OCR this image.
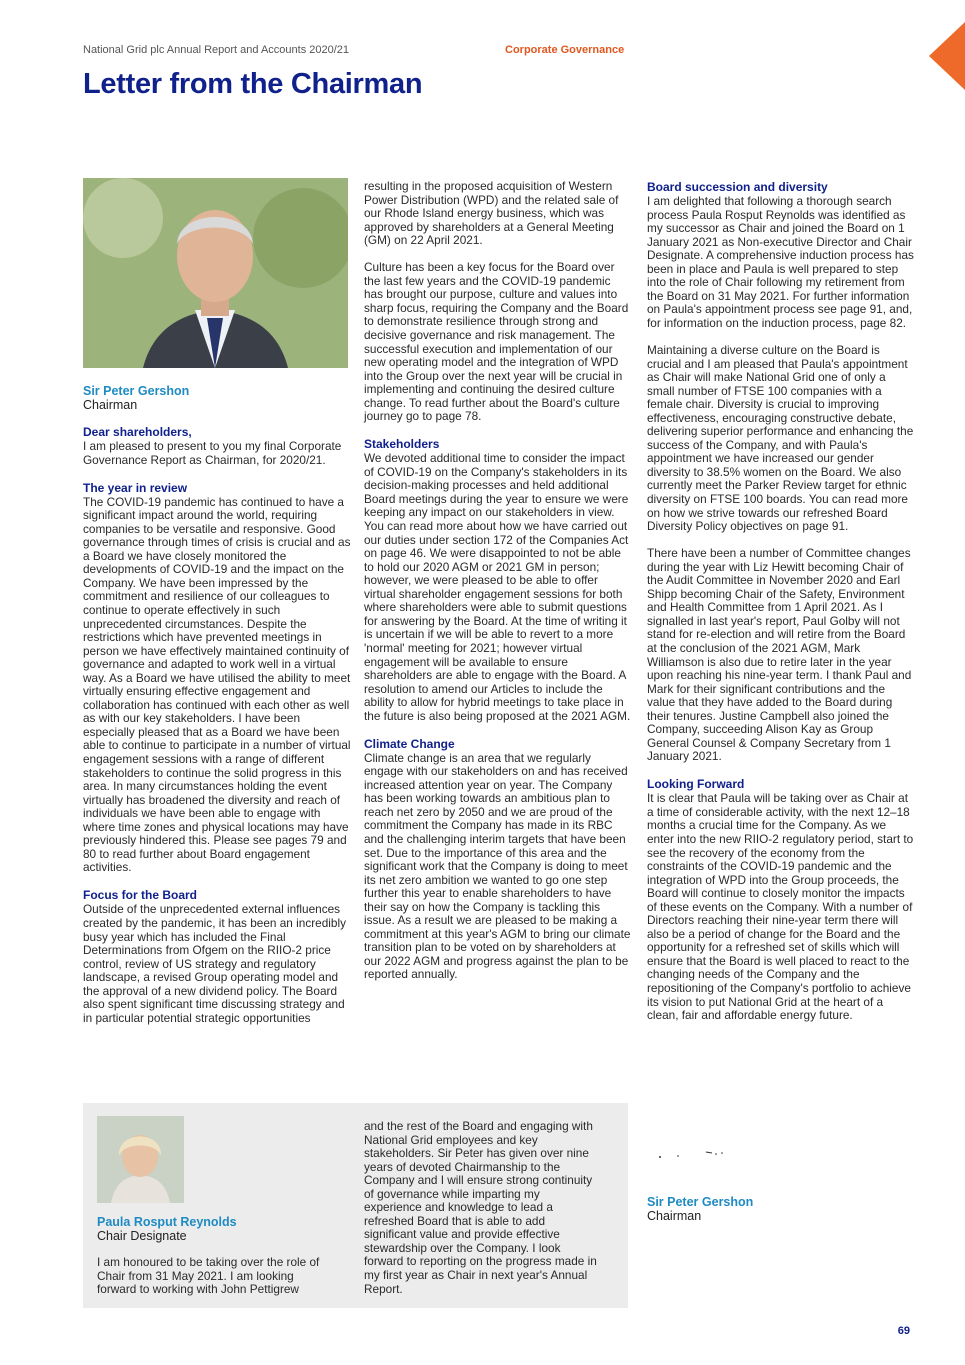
National Grid plc Annual Report and Accounts 2020/21	Corporate Governance
Letter from the Chairman
Sir Peter Gershon
Chairman
Dear shareholders,

I am pleased to present to you my final Corporate Governance Report as Chairman, for 2020/21.

The year in review

The COVID-19 pandemic has continued to have a significant impact around the world, requiring companies to be versatile and responsive. Good governance through times of crisis is crucial and as a Board we have closely monitored the developments of COVID-19 and the impact on the Company. We have been impressed by the commitment and resilience of our colleagues to continue to operate effectively in such unprecedented circumstances. Despite the restrictions which have prevented meetings in person we have effectively maintained continuity of governance and adapted to work well in a virtual way. As a Board we have utilised the ability to meet virtually ensuring effective engagement and collaboration has continued with each other as well as with our key stakeholders. I have been especially pleased that as a Board we have been able to continue to participate in a number of virtual engagement sessions with a range of different stakeholders to continue the solid progress in this area. In many circumstances holding the event virtually has broadened the diversity and reach of individuals we have been able to engage with where time zones and physical locations may have previously hindered this. Please see pages 79 and 80 to read further about Board engagement activities.

Focus for the Board

Outside of the unprecedented external influences created by the pandemic, it has been an incredibly busy year which has included the Final Determinations from Ofgem on the RIIO-2 price control, review of US strategy and regulatory landscape, a revised Group operating model and the approval of a new dividend policy. The Board also spent significant time discussing strategy and in particular potential strategic opportunities

resulting in the proposed acquisition of Western Power Distribution (WPD) and the related sale of our Rhode Island energy business, which was approved by shareholders at a General Meeting (GM) on 22 April 2021.

Culture has been a key focus for the Board over the last few years and the COVID-19 pandemic has brought our purpose, culture and values into sharp focus, requiring the Company and the Board to demonstrate resilience through strong and decisive governance and risk management. The successful execution and implementation of our new operating model and the integration of WPD into the Group over the next year will be crucial in implementing and continuing the desired culture change. To read further about the Board's culture journey go to page 78.

Stakeholders

We devoted additional time to consider the impact of COVID-19 on the Company's stakeholders in its decision-making processes and held additional Board meetings during the year to ensure we were keeping any impact on our stakeholders in view. You can read more about how we have carried out our duties under section 172 of the Companies Act on page 46. We were disappointed to not be able to hold our 2020 AGM or 2021 GM in person; however, we were pleased to be able to offer virtual shareholder engagement sessions for both where shareholders were able to submit questions for answering by the Board. At the time of writing it is uncertain if we will be able to revert to a more 'normal' meeting for 2021; however virtual engagement will be available to ensure shareholders are able to engage with the Board. A resolution to amend our Articles to include the ability to allow for hybrid meetings to take place in the future is also being proposed at the 2021 AGM.

Climate Change

Climate change is an area that we regularly engage with our stakeholders on and has received increased attention year on year. The Company has been working towards an ambitious plan to reach net zero by 2050 and we are proud of the commitment the Company has made in its RBC and the challenging interim targets that have been set. Due to the importance of this area and the significant work that the Company is doing to meet its net zero ambition we wanted to go one step further this year to enable shareholders to have their say on how the Company is tackling this issue. As a result we are pleased to be making a commitment at this year's AGM to bring our climate transition plan to be voted on by shareholders at our 2022 AGM and progress against the plan to be reported annually.

Board succession and diversity

I am delighted that following a thorough search process Paula Rosput Reynolds was identified as my successor as Chair and joined the Board on 1 January 2021 as Non-executive Director and Chair Designate. A comprehensive induction process has been in place and Paula is well prepared to step into the role of Chair following my retirement from the Board on 31 May 2021. For further information on Paula's appointment process see page 91, and, for information on the induction process, page 82.

Maintaining a diverse culture on the Board is crucial and I am pleased that Paula's appointment as Chair will make National Grid one of only a small number of FTSE 100 companies with a female chair. Diversity is crucial to improving effectiveness, encouraging constructive debate, delivering superior performance and enhancing the success of the Company, and with Paula's appointment we have increased our gender diversity to 38.5% women on the Board. We also currently meet the Parker Review target for ethnic diversity on FTSE 100 boards. You can read more on how we strive towards our refreshed Board Diversity Policy objectives on page 91.

There have been a number of Committee changes during the year with Liz Hewitt becoming Chair of the Audit Committee in November 2020 and Earl Shipp becoming Chair of the Safety, Environment and Health Committee from 1 April 2021. As I signalled in last year's report, Paul Golby will not stand for re-election and will retire from the Board at the conclusion of the 2021 AGM, Mark Williamson is also due to retire later in the year upon reaching his nine-year term. I thank Paul and Mark for their significant contributions and the value that they have added to the Board during their tenures. Justine Campbell also joined the Company, succeeding Alison Kay as Group General Counsel & Company Secretary from 1 January 2021.

Looking Forward

It is clear that Paula will be taking over as Chair at a time of considerable activity, with the next 12–18 months a crucial time for the Company. As we enter into the new RIIO-2 regulatory period, start to see the recovery of the economy from the constraints of the COVID-19 pandemic and the integration of WPD into the Group proceeds, the Board will continue to closely monitor the impacts of these events on the Company. With a number of Directors reaching their nine-year term there will also be a period of change for the Board and the opportunity for a refreshed set of skills which will ensure that the Board is well placed to react to the changing needs of the Company and the repositioning of the Company's portfolio to achieve its vision to put National Grid at the heart of a clean, fair and affordable energy future.

Paula Rosput Reynolds
Chair Designate
I am honoured to be taking over the role of Chair from 31 May 2021. I am looking forward to working with John Pettigrew
and the rest of the Board and engaging with National Grid employees and key stakeholders. Sir Peter has given over nine years of devoted Chairmanship to the Company and I will ensure strong continuity of governance while imparting my experience and knowledge to lead a refreshed Board that is able to add significant value and provide effective stewardship over the Company. I look forward to reporting on the progress made in my first year as Chair in next year's Annual Report.
Sir Peter Gershon
Chairman
69
